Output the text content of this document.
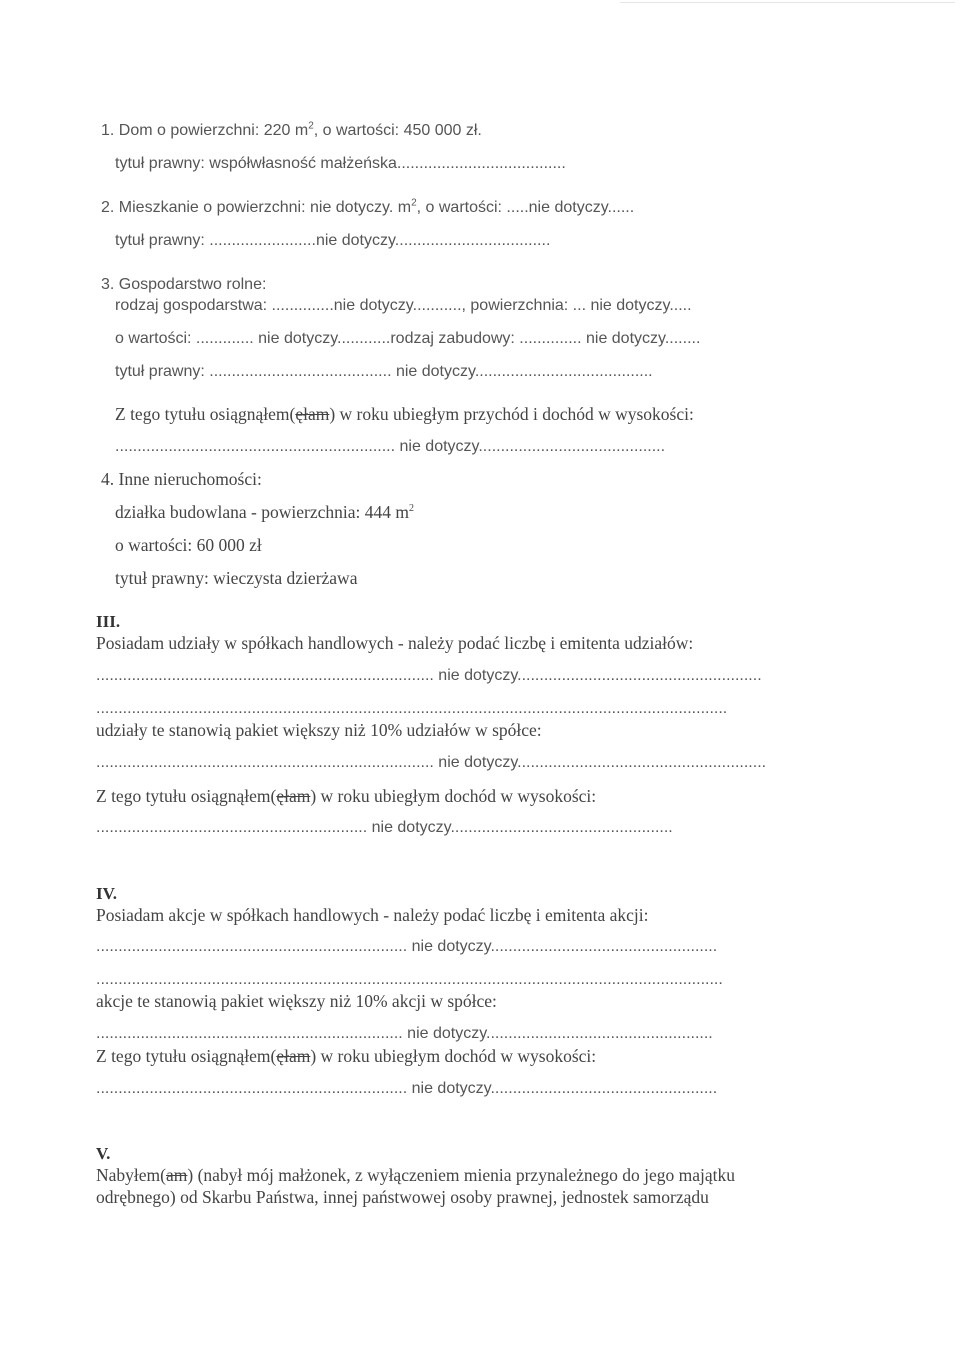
1. Dom o powierzchni: 220 $m^2$, o wartości: 450 000 zł.
tytuł prawny: współwłasność małżeńska......................................
2. Mieszkanie o powierzchni: nie dotyczy. $m^2$, o wartości: .....nie dotyczy......
tytuł prawny: ........................nie dotyczy...................................
3. Gospodarstwo rolne:
rodzaj gospodarstwa: ..............nie dotyczy..........., powierzchnia: ... nie dotyczy.....
o wartości: ............. nie dotyczy............rodzaj zabudowy: .............. nie dotyczy........
tytuł prawny: ......................................... nie dotyczy........................................
Z tego tytułu osiągnąłem(ęłam) w roku ubiegłym przychód i dochód w wysokości:
............................................................... nie dotyczy..........................................
4. Inne nieruchomości:
działka budowlana - powierzchnia: 444 $m^2$
o wartości: 60 000 zł
tytuł prawny: wieczysta dzierżawa
III.
Posiadam udziały w spółkach handlowych - należy podać liczbę i emitenta udziałów:
............................................................................ nie dotyczy.......................................................
..............................................................................................................................................
udziały te stanowią pakiet większy niż 10% udziałów w spółce:
............................................................................ nie dotyczy........................................................
Z tego tytułu osiągnąłem(ęłam) w roku ubiegłym dochód w wysokości:
............................................................. nie dotyczy..................................................
IV.
Posiadam akcje w spółkach handlowych - należy podać liczbę i emitenta akcji:
...................................................................... nie dotyczy...................................................
.............................................................................................................................................
akcje te stanowią pakiet większy niż 10% akcji w spółce:
..................................................................... nie dotyczy...................................................
Z tego tytułu osiągnąłem(ęłam) w roku ubiegłym dochód w wysokości:
...................................................................... nie dotyczy...................................................
V.
Nabyłem(am) (nabył mój małżonek, z wyłączeniem mienia przynależnego do jego majątku
odrębnego) od Skarbu Państwa, innej państwowej osoby prawnej, jednostek samorządu
